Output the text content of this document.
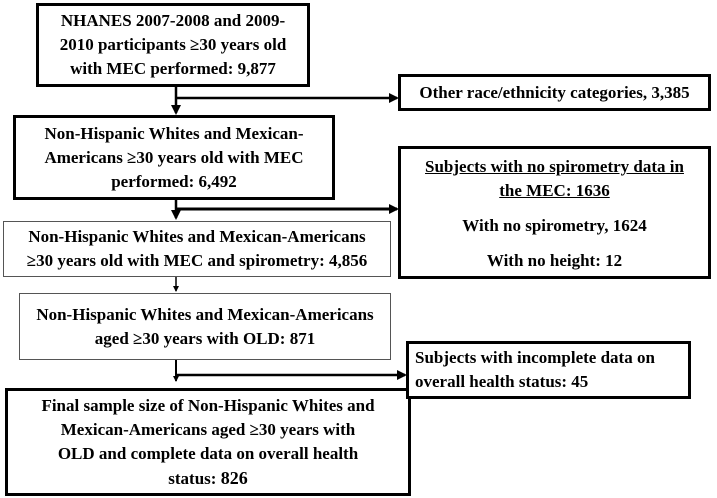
NHANES 2007-2008 and 2009-
2010 participants ≥30 years old
with MEC performed: 9,877
Non-Hispanic Whites and Mexican-
Americans ≥30 years old with MEC
performed: 6,492
Non-Hispanic Whites and Mexican-Americans
≥30 years old with MEC and spirometry: 4,856
Non-Hispanic Whites and Mexican-Americans
aged ≥30 years with OLD: 871
Final sample size of Non-Hispanic Whites and
Mexican-Americans aged ≥30 years with
OLD and complete data on overall health
status: 826
Other race/ethnicity categories, 3,385
Subjects with no spirometry data in
the MEC: 1636
With no spirometry, 1624
With no height: 12
Subjects with incomplete data on
overall health status: 45
